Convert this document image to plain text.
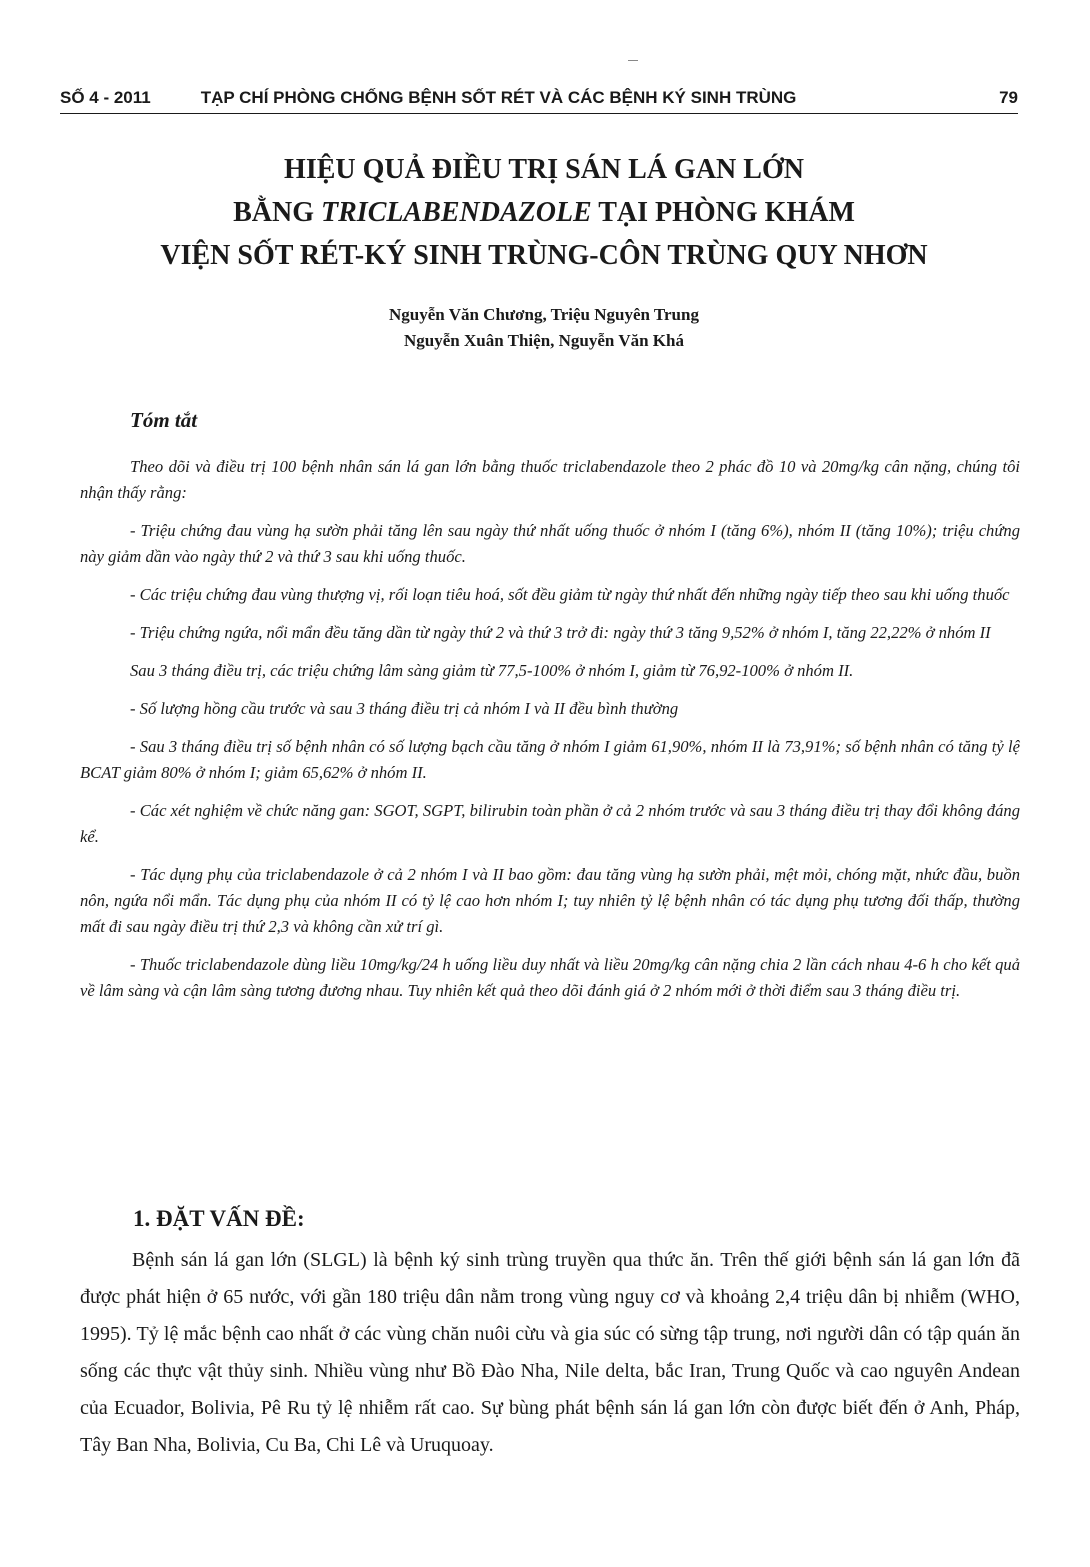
SỐ 4 - 2011	TẠP CHÍ PHÒNG CHỐNG BỆNH SỐT RÉT VÀ CÁC BỆNH KÝ SINH TRÙNG	79
HIỆU QUẢ ĐIỀU TRỊ SÁN LÁ GAN LỚN
BẰNG TRICLABENDAZOLE TẠI PHÒNG KHÁM
VIỆN SỐT RÉT-KÝ SINH TRÙNG-CÔN TRÙNG QUY NHƠN
Nguyễn Văn Chương, Triệu Nguyên Trung
Nguyễn Xuân Thiện, Nguyễn Văn Khá
Tóm tắt

Theo dõi và điều trị 100 bệnh nhân sán lá gan lớn bằng thuốc triclabendazole theo 2 phác đồ 10 và 20mg/kg cân nặng, chúng tôi nhận thấy rằng:

- Triệu chứng đau vùng hạ sườn phải tăng lên sau ngày thứ nhất uống thuốc ở nhóm I (tăng 6%), nhóm II (tăng 10%); triệu chứng này giảm dần vào ngày thứ 2 và thứ 3 sau khi uống thuốc.

- Các triệu chứng đau vùng thượng vị, rối loạn tiêu hoá, sốt đều giảm từ ngày thứ nhất đến những ngày tiếp theo sau khi uống thuốc

- Triệu chứng ngứa, nổi mẩn đều tăng dần từ ngày thứ 2 và thứ 3 trở đi: ngày thứ 3 tăng 9,52% ở nhóm I, tăng 22,22% ở nhóm II

Sau 3 tháng điều trị, các triệu chứng lâm sàng giảm từ 77,5-100% ở nhóm I, giảm từ 76,92-100% ở nhóm II.

- Số lượng hồng cầu trước và sau 3 tháng điều trị cả nhóm I và II đều bình thường

- Sau 3 tháng điều trị số bệnh nhân có số lượng bạch cầu tăng ở nhóm I giảm 61,90%, nhóm II là 73,91%; số bệnh nhân có tăng tỷ lệ BCAT giảm 80% ở nhóm I; giảm 65,62% ở nhóm II.

- Các xét nghiệm về chức năng gan: SGOT, SGPT, bilirubin toàn phần ở cả 2 nhóm trước và sau 3 tháng điều trị thay đổi không đáng kể.

- Tác dụng phụ của triclabendazole ở cả 2 nhóm I và II bao gồm: đau tăng vùng hạ sườn phải, mệt mỏi, chóng mặt, nhức đầu, buồn nôn, ngứa nổi mẩn. Tác dụng phụ của nhóm II có tỷ lệ cao hơn nhóm I; tuy nhiên tỷ lệ bệnh nhân có tác dụng phụ tương đối thấp, thường mất đi sau ngày điều trị thứ 2,3 và không cần xử trí gì.

- Thuốc triclabendazole dùng liều 10mg/kg/24 h uống liều duy nhất và liều 20mg/kg cân nặng chia 2 lần cách nhau 4-6 h cho kết quả về lâm sàng và cận lâm sàng tương đương nhau. Tuy nhiên kết quả theo dõi đánh giá ở 2 nhóm mới ở thời điểm sau 3 tháng điều trị.

1. ĐẶT VẤN ĐỀ:

Bệnh sán lá gan lớn (SLGL) là bệnh ký sinh trùng truyền qua thức ăn. Trên thế giới bệnh sán lá gan lớn đã được phát hiện ở 65 nước, với gần 180 triệu dân nằm trong vùng nguy cơ và khoảng 2,4 triệu dân bị nhiễm (WHO, 1995). Tỷ lệ mắc bệnh cao nhất ở các vùng chăn nuôi cừu và gia súc có sừng tập trung, nơi người dân có tập quán ăn sống các thực vật thủy sinh. Nhiều vùng như Bồ Đào Nha, Nile delta, bắc Iran, Trung Quốc và cao nguyên Andean của Ecuador, Bolivia, Pê Ru tỷ lệ nhiễm rất cao. Sự bùng phát bệnh sán lá gan lớn còn được biết đến ở Anh, Pháp, Tây Ban Nha, Bolivia, Cu Ba, Chi Lê và Uruquoay.
